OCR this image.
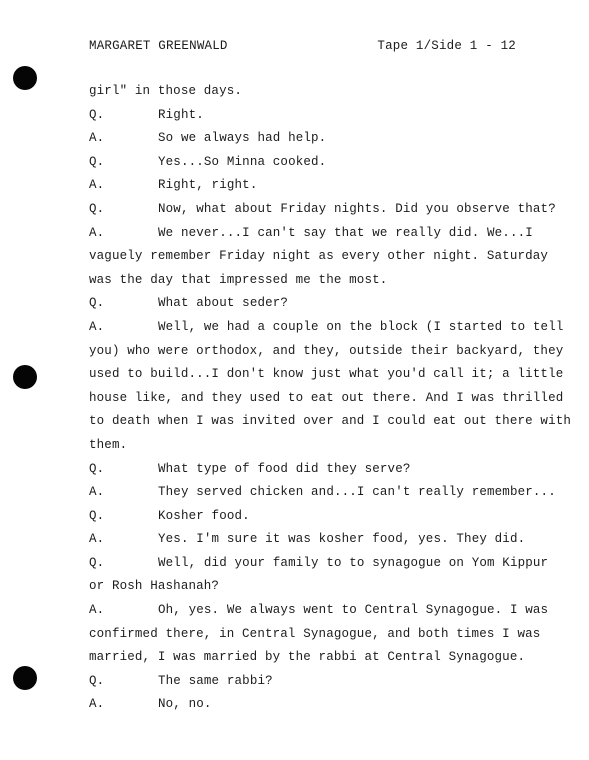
MARGARET GREENWALD	Tape 1/Side 1 - 12
girl" in those days.
Q.	Right.
A.	So we always had help.
Q.	Yes...So Minna cooked.
A.	Right, right.
Q.	Now, what about Friday nights. Did you observe that?
A.	We never...I can't say that we really did. We...I
vaguely remember Friday night as every other night. Saturday
was the day that impressed me the most.
Q.	What about seder?
A.	Well, we had a couple on the block (I started to tell
you) who were orthodox, and they, outside their backyard, they
used to build...I don't know just what you'd call it; a little
house like, and they used to eat out there. And I was thrilled
to death when I was invited over and I could eat out there with
them.
Q.	What type of food did they serve?
A.	They served chicken and...I can't really remember...
Q.	Kosher food.
A.	Yes. I'm sure it was kosher food, yes. They did.
Q.	Well, did your family to to synagogue on Yom Kippur
or Rosh Hashanah?
A.	Oh, yes. We always went to Central Synagogue. I was
confirmed there, in Central Synagogue, and both times I was
married, I was married by the rabbi at Central Synagogue.
Q.	The same rabbi?
A.	No, no.
